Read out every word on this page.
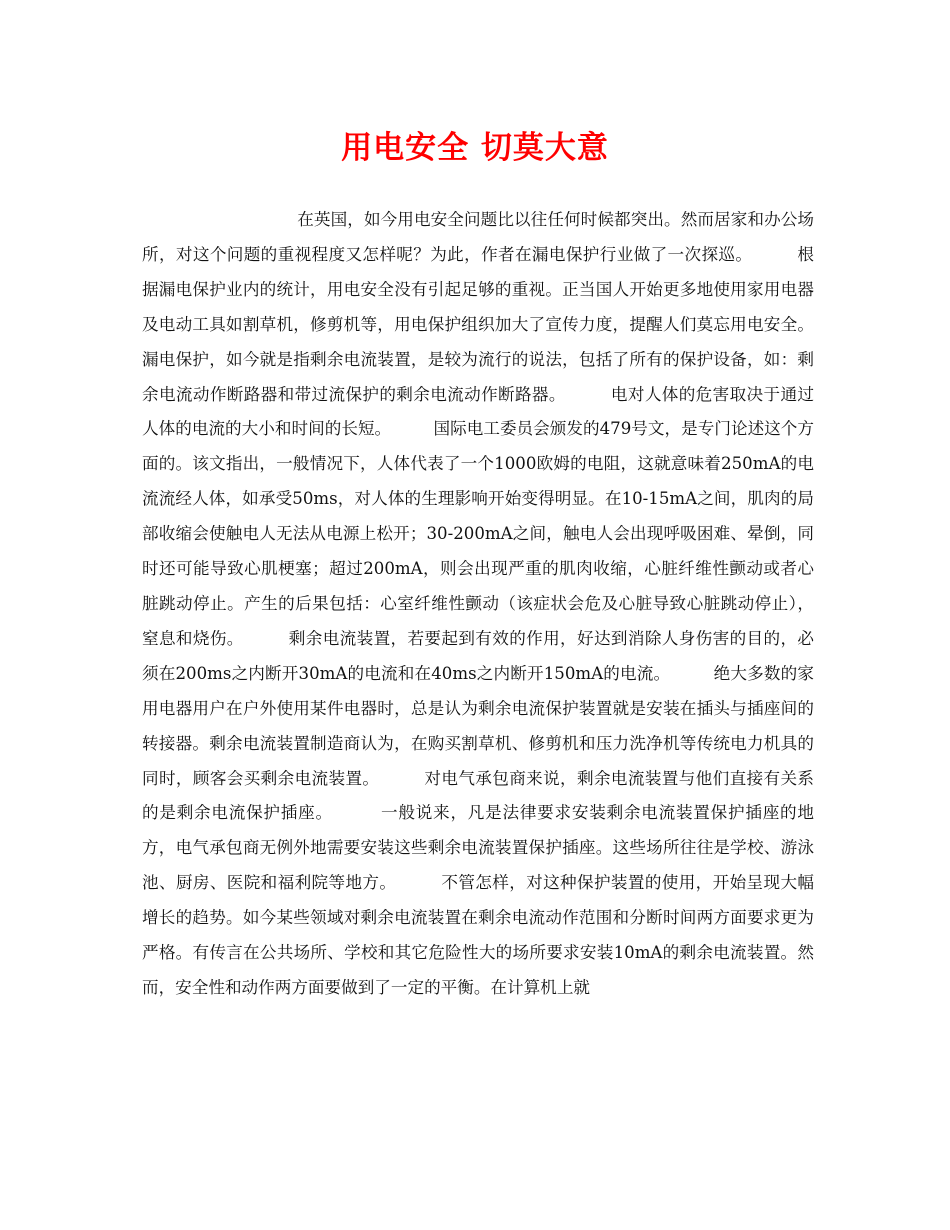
用电安全 切莫大意

在英国，如今用电安全问题比以往任何时候都突出。然而居家和办公场所，对这个问题的重视程度又怎样呢？为此，作者在漏电保护行业做了一次探巡。        根据漏电保护业内的统计，用电安全没有引起足够的重视。正当国人开始更多地使用家用电器及电动工具如割草机，修剪机等，用电保护组织加大了宣传力度，提醒人们莫忘用电安全。        漏电保护，如今就是指剩余电流装置，是较为流行的说法，包括了所有的保护设备，如：剩余电流动作断路器和带过流保护的剩余电流动作断路器。        电对人体的危害取决于通过人体的电流的大小和时间的长短。        国际电工委员会颁发的479号文，是专门论述这个方面的。该文指出，一般情况下，人体代表了一个1000欧姆的电阻，这就意味着250mA的电流流经人体，如承受50ms，对人体的生理影响开始变得明显。在10-15mA之间，肌肉的局部收缩会使触电人无法从电源上松开；30-200mA之间，触电人会出现呼吸困难、晕倒，同时还可能导致心肌梗塞；超过200mA，则会出现严重的肌肉收缩，心脏纤维性颤动或者心脏跳动停止。产生的后果包括：心室纤维性颤动（该症状会危及心脏导致心脏跳动停止），窒息和烧伤。        剩余电流装置，若要起到有效的作用，好达到消除人身伤害的目的，必须在200ms之内断开30mA的电流和在40ms之内断开150mA的电流。        绝大多数的家用电器用户在户外使用某件电器时，总是认为剩余电流保护装置就是安装在插头与插座间的转接器。剩余电流装置制造商认为，在购买割草机、修剪机和压力洗净机等传统电力机具的同时，顾客会买剩余电流装置。        对电气承包商来说，剩余电流装置与他们直接有关系的是剩余电流保护插座。        一般说来，凡是法律要求安装剩余电流装置保护插座的地方，电气承包商无例外地需要安装这些剩余电流装置保护插座。这些场所往往是学校、游泳池、厨房、医院和福利院等地方。        不管怎样，对这种保护装置的使用，开始呈现大幅增长的趋势。如今某些领域对剩余电流装置在剩余电流动作范围和分断时间两方面要求更为严格。有传言在公共场所、学校和其它危险性大的场所要求安装10mA的剩余电流装置。然而，安全性和动作两方面要做到了一定的平衡。在计算机上就
